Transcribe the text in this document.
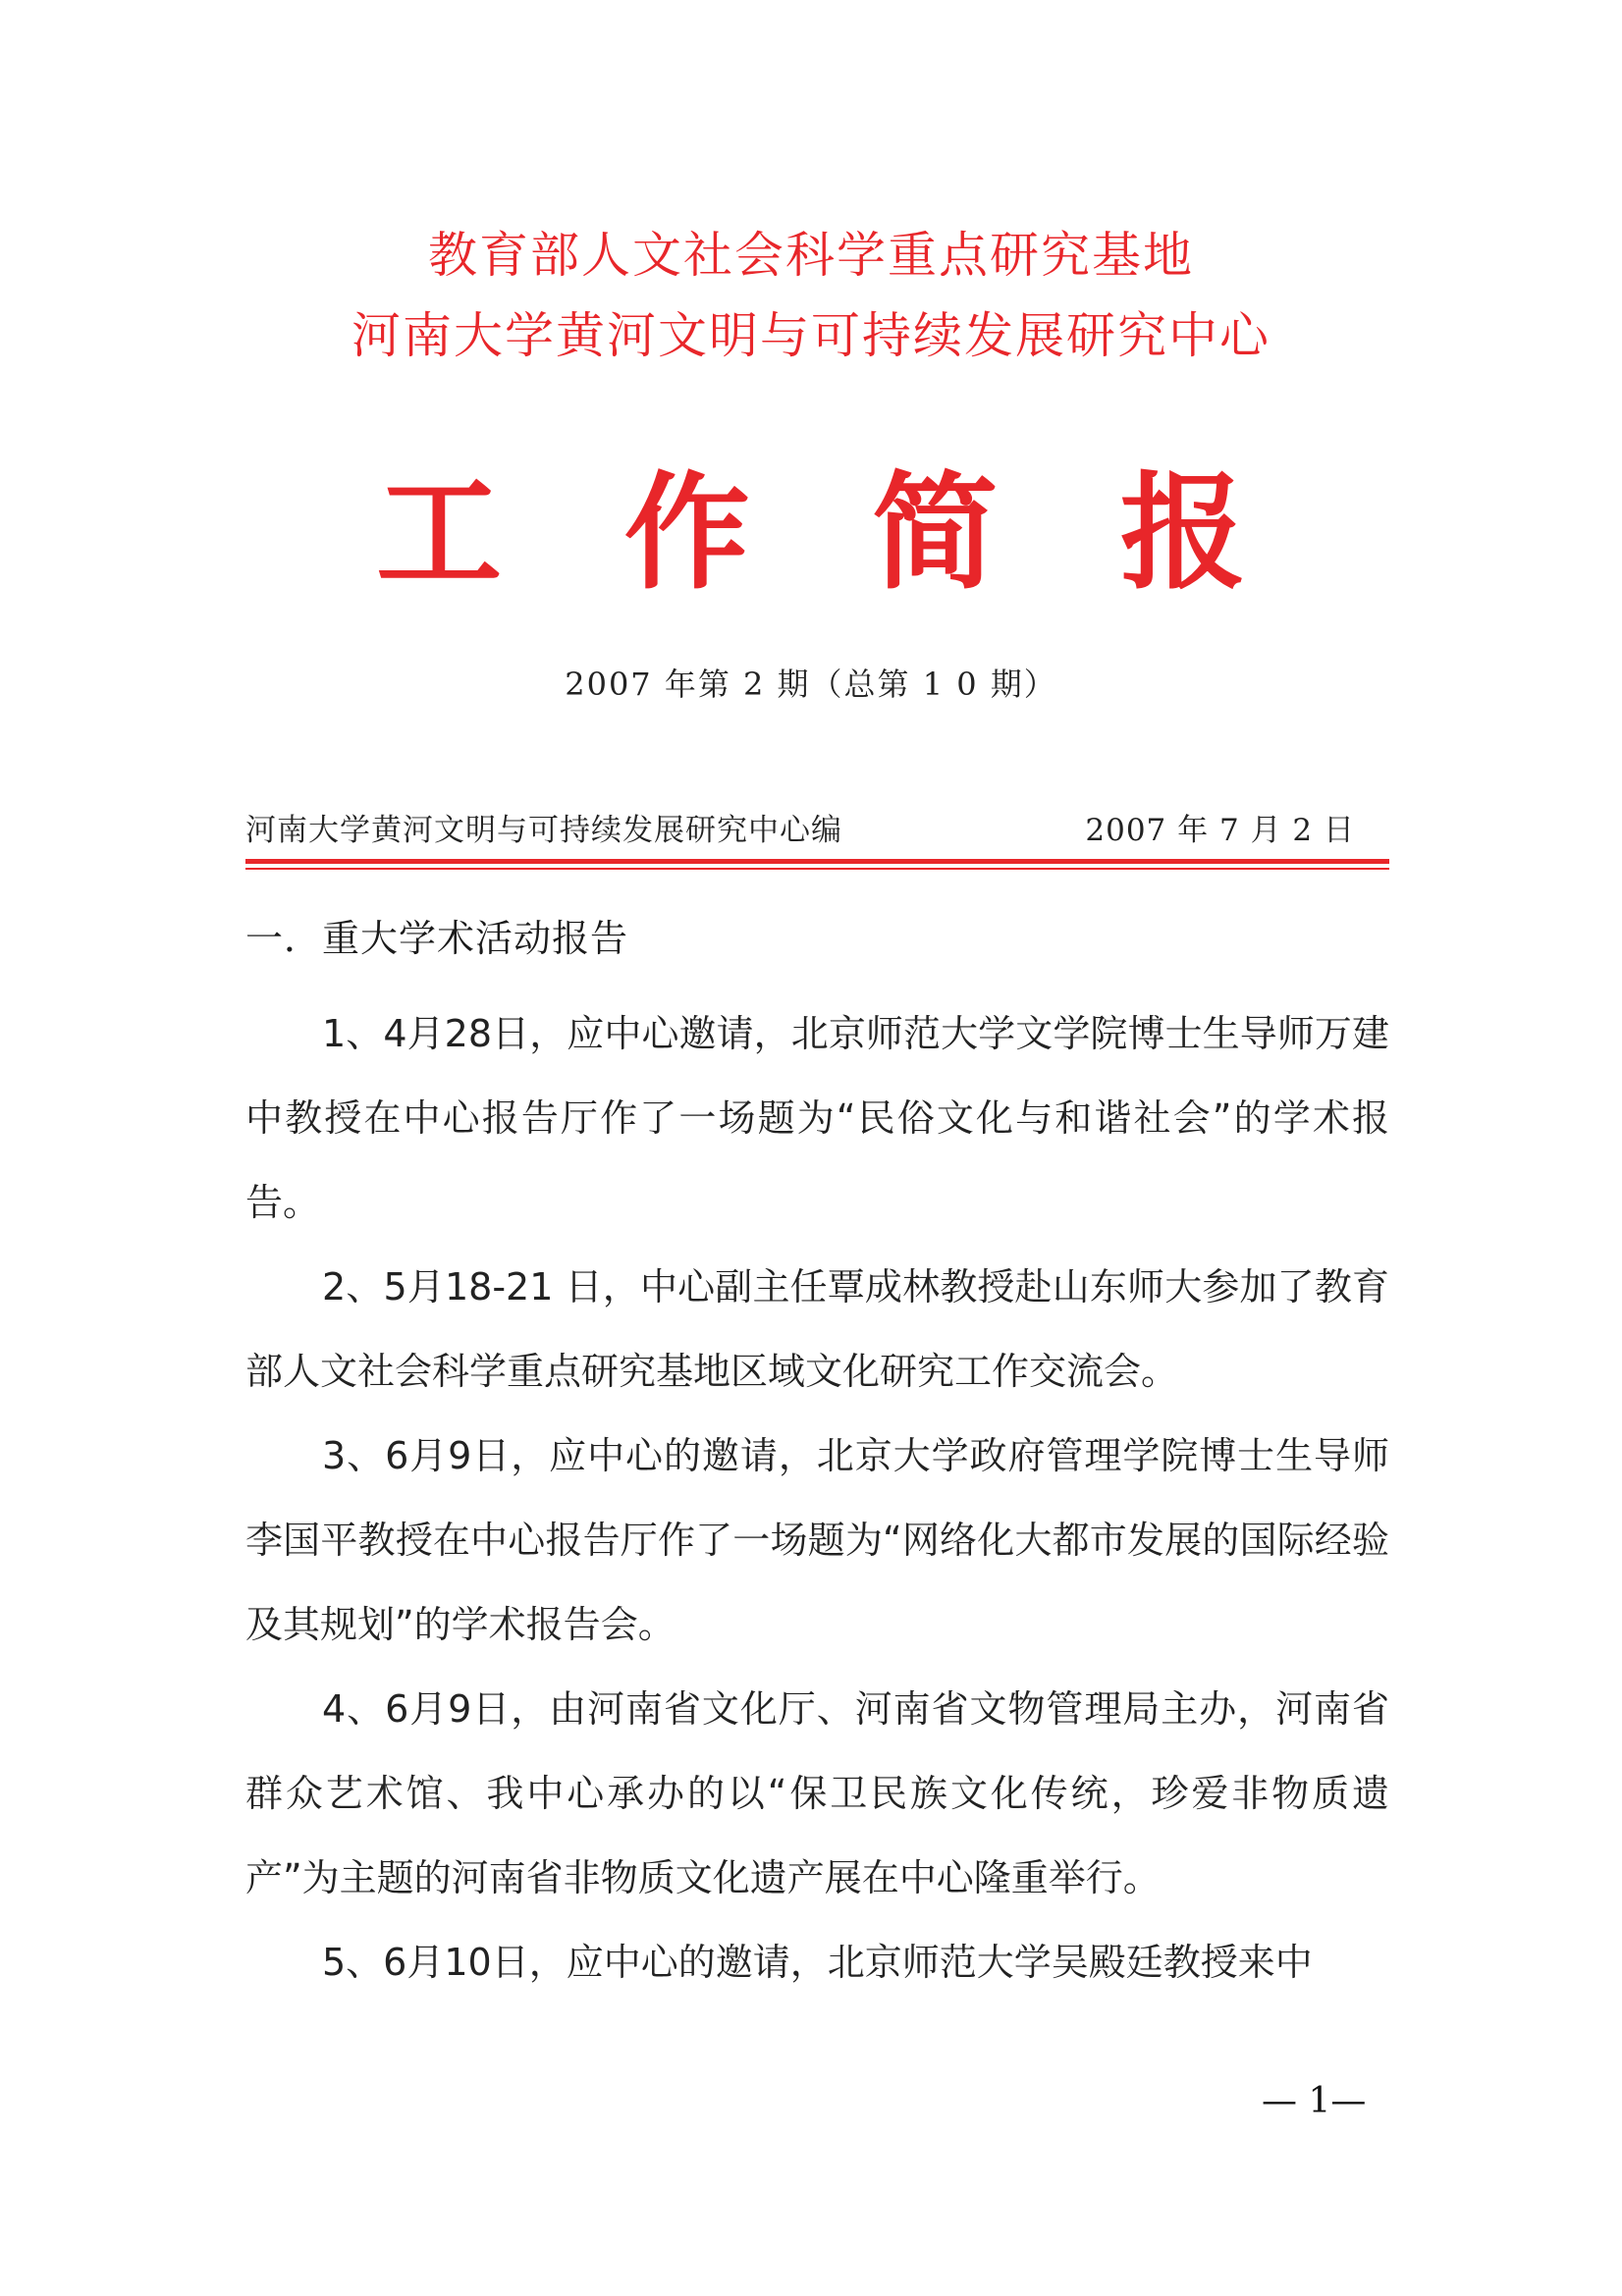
教育部人文社会科学重点研究基地
河南大学黄河文明与可持续发展研究中心
工 作 简 报
2007 年第 2 期（总第 1 0 期）
河南大学黄河文明与可持续发展研究中心编	2007 年 7 月 2 日
一．重大学术活动报告

1、4月28日，应中心邀请，北京师范大学文学院博士生导师万建中教授在中心报告厅作了一场题为“民俗文化与和谐社会”的学术报告。

2、5月18-21 日，中心副主任覃成林教授赴山东师大参加了教育部人文社会科学重点研究基地区域文化研究工作交流会。

3、6月9日，应中心的邀请，北京大学政府管理学院博士生导师李国平教授在中心报告厅作了一场题为“网络化大都市发展的国际经验及其规划”的学术报告会。

4、6月9日，由河南省文化厅、河南省文物管理局主办，河南省群众艺术馆、我中心承办的以“保卫民族文化传统，珍爱非物质遗产”为主题的河南省非物质文化遗产展在中心隆重举行。

5、6月10日，应中心的邀请，北京师范大学吴殿廷教授来中

— 1—
